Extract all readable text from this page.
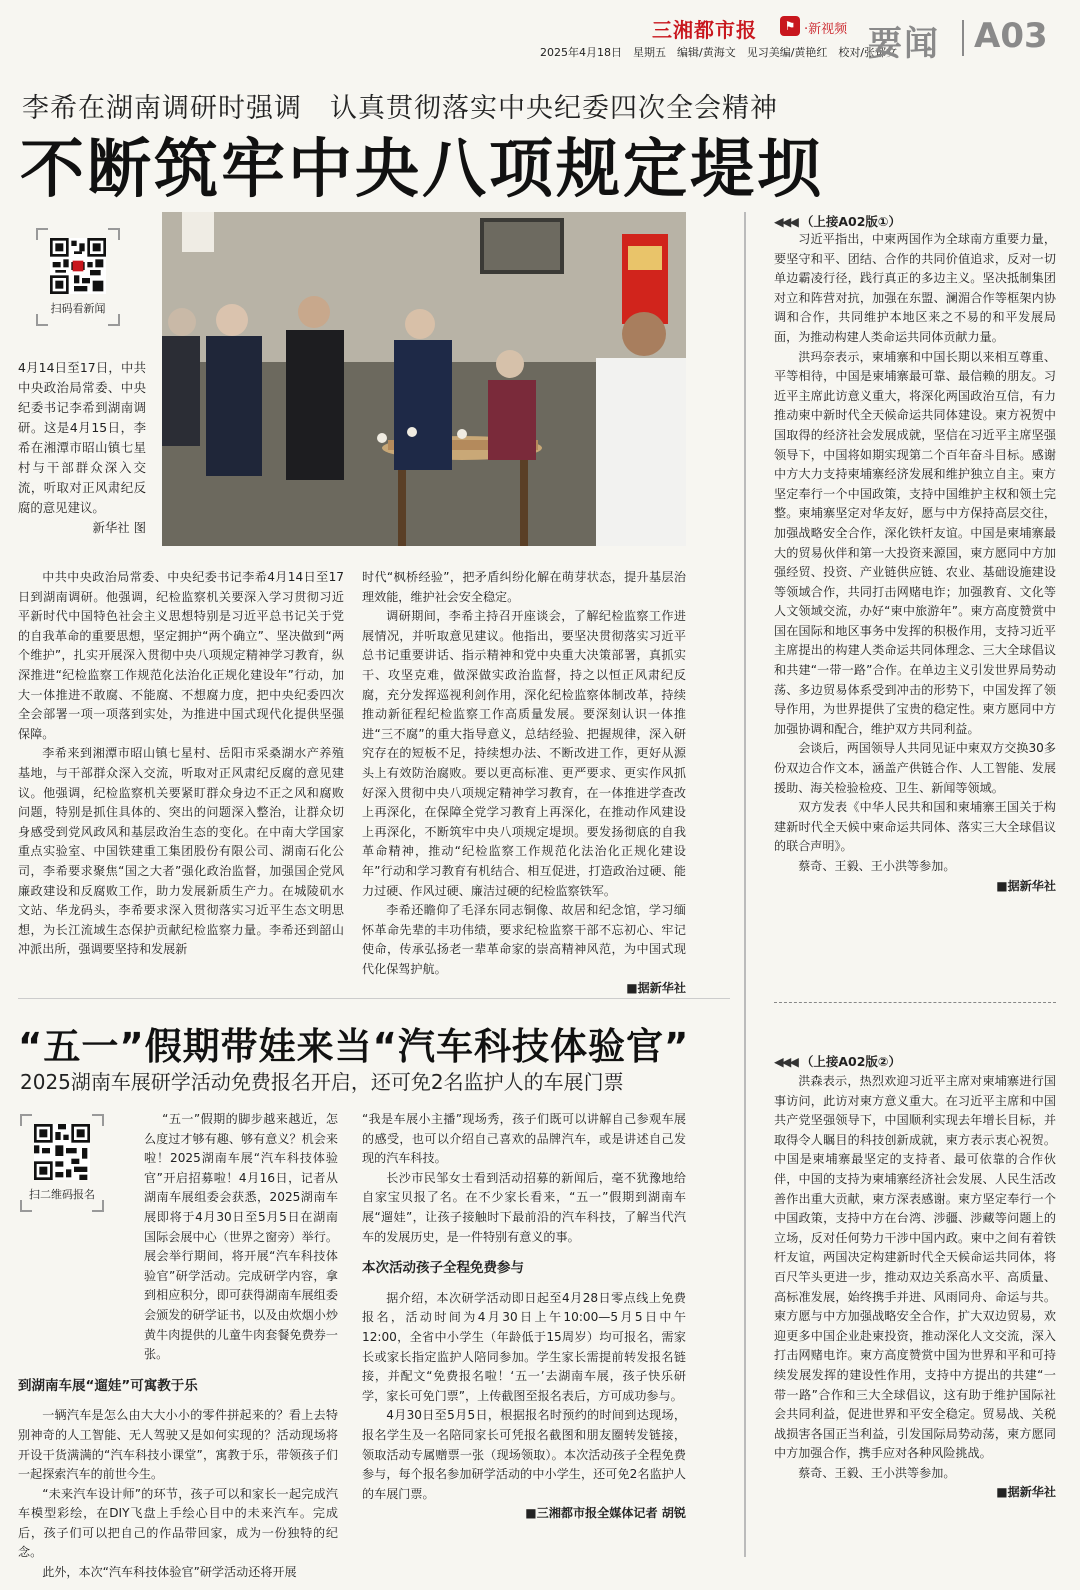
三湘都市报	⚑ ·新视频
2025年4月18日　星期五　编辑/黄海文　见习美编/黄艳红　校对/张郁文
要闻 A03
李希在湖南调研时强调　认真贯彻落实中央纪委四次全会精神
不断筑牢中央八项规定堤坝
扫码看新闻
4月14日至17日，中共中央政治局常委、中央纪委书记李希到湖南调研。这是4月15日，李希在湘潭市昭山镇七星村与干部群众深入交流，听取对正风肃纪反腐的意见建议。
新华社 图

中共中央政治局常委、中央纪委书记李希4月14日至17日到湖南调研。他强调，纪检监察机关要深入学习贯彻习近平新时代中国特色社会主义思想特别是习近平总书记关于党的自我革命的重要思想，坚定拥护“两个确立”、坚决做到“两个维护”，扎实开展深入贯彻中央八项规定精神学习教育，纵深推进“纪检监察工作规范化法治化正规化建设年”行动，加大一体推进不敢腐、不能腐、不想腐力度，把中央纪委四次全会部署一项一项落到实处，为推进中国式现代化提供坚强保障。

李希来到湘潭市昭山镇七星村、岳阳市采桑湖水产养殖基地，与干部群众深入交流，听取对正风肃纪反腐的意见建议。他强调，纪检监察机关要紧盯群众身边不正之风和腐败问题，特别是抓住具体的、突出的问题深入整治，让群众切身感受到党风政风和基层政治生态的变化。在中南大学国家重点实验室、中国铁建重工集团股份有限公司、湖南石化公司，李希要求聚焦“国之大者”强化政治监督，加强国企党风廉政建设和反腐败工作，助力发展新质生产力。在城陵矶水文站、华龙码头，李希要求深入贯彻落实习近平生态文明思想，为长江流域生态保护贡献纪检监察力量。李希还到韶山冲派出所，强调要坚持和发展新

时代“枫桥经验”，把矛盾纠纷化解在萌芽状态，提升基层治理效能，维护社会安全稳定。

调研期间，李希主持召开座谈会，了解纪检监察工作进展情况，并听取意见建议。他指出，要坚决贯彻落实习近平总书记重要讲话、指示精神和党中央重大决策部署，真抓实干、攻坚克难，做深做实政治监督，持之以恒正风肃纪反腐，充分发挥巡视利剑作用，深化纪检监察体制改革，持续推动新征程纪检监察工作高质量发展。要深刻认识一体推进“三不腐”的重大指导意义，总结经验、把握规律，深入研究存在的短板不足，持续想办法、不断改进工作，更好从源头上有效防治腐败。要以更高标准、更严要求、更实作风抓好深入贯彻中央八项规定精神学习教育，在一体推进学查改上再深化，在保障全党学习教育上再深化，在推动作风建设上再深化，不断筑牢中央八项规定堤坝。要发扬彻底的自我革命精神，推动“纪检监察工作规范化法治化正规化建设年”行动和学习教育有机结合、相互促进，打造政治过硬、能力过硬、作风过硬、廉洁过硬的纪检监察铁军。

李希还瞻仰了毛泽东同志铜像、故居和纪念馆，学习缅怀革命先辈的丰功伟绩，要求纪检监察干部不忘初心、牢记使命，传承弘扬老一辈革命家的崇高精神风范，为中国式现代化保驾护航。

■据新华社

◀◀◀ （上接A02版①）

习近平指出，中柬两国作为全球南方重要力量，要坚守和平、团结、合作的共同价值追求，反对一切单边霸凌行径，践行真正的多边主义。坚决抵制集团对立和阵营对抗，加强在东盟、澜湄合作等框架内协调和合作，共同维护本地区来之不易的和平发展局面，为推动构建人类命运共同体贡献力量。

洪玛奈表示，柬埔寨和中国长期以来相互尊重、平等相待，中国是柬埔寨最可靠、最信赖的朋友。习近平主席此访意义重大，将深化两国政治互信，有力推动柬中新时代全天候命运共同体建设。柬方祝贺中国取得的经济社会发展成就，坚信在习近平主席坚强领导下，中国将如期实现第二个百年奋斗目标。感谢中方大力支持柬埔寨经济发展和维护独立自主。柬方坚定奉行一个中国政策，支持中国维护主权和领土完整。柬埔寨坚定对华友好，愿与中方保持高层交往，加强战略安全合作，深化铁杆友谊。中国是柬埔寨最大的贸易伙伴和第一大投资来源国，柬方愿同中方加强经贸、投资、产业链供应链、农业、基础设施建设等领域合作，共同打击网赌电诈；加强教育、文化等人文领域交流，办好“柬中旅游年”。柬方高度赞赏中国在国际和地区事务中发挥的积极作用，支持习近平主席提出的构建人类命运共同体理念、三大全球倡议和共建“一带一路”合作。在单边主义引发世界局势动荡、多边贸易体系受到冲击的形势下，中国发挥了领导作用，为世界提供了宝贵的稳定性。柬方愿同中方加强协调和配合，维护双方共同利益。

会谈后，两国领导人共同见证中柬双方交换30多份双边合作文本，涵盖产供链合作、人工智能、发展援助、海关检验检疫、卫生、新闻等领域。

双方发表《中华人民共和国和柬埔寨王国关于构建新时代全天候中柬命运共同体、落实三大全球倡议的联合声明》。

蔡奇、王毅、王小洪等参加。

■据新华社

◀◀◀ （上接A02版②）

洪森表示，热烈欢迎习近平主席对柬埔寨进行国事访问，此访对柬方意义重大。在习近平主席和中国共产党坚强领导下，中国顺利实现去年增长目标，并取得令人瞩目的科技创新成就，柬方表示衷心祝贺。中国是柬埔寨最坚定的支持者、最可依靠的合作伙伴，中国的支持为柬埔寨经济社会发展、人民生活改善作出重大贡献，柬方深表感谢。柬方坚定奉行一个中国政策，支持中方在台湾、涉疆、涉藏等问题上的立场，反对任何势力干涉中国内政。柬中之间有着铁杆友谊，两国决定构建新时代全天候命运共同体，将百尺竿头更进一步，推动双边关系高水平、高质量、高标准发展，始终携手并进、风雨同舟、命运与共。柬方愿与中方加强战略安全合作，扩大双边贸易，欢迎更多中国企业赴柬投资，推动深化人文交流，深入打击网赌电诈。柬方高度赞赏中国为世界和平和可持续发展发挥的建设性作用，支持中方提出的共建“一带一路”合作和三大全球倡议，这有助于维护国际社会共同利益，促进世界和平安全稳定。贸易战、关税战损害各国正当利益，引发国际局势动荡，柬方愿同中方加强合作，携手应对各种风险挑战。

蔡奇、王毅、王小洪等参加。

■据新华社

“五一”假期带娃来当“汽车科技体验官”
2025湖南车展研学活动免费报名开启，还可免2名监护人的车展门票
扫二维码报名

“五一”假期的脚步越来越近，怎么度过才够有趣、够有意义？机会来啦！2025湖南车展“汽车科技体验官”开启招募啦！4月16日，记者从湖南车展组委会获悉，2025湖南车展即将于4月30日至5月5日在湖南国际会展中心（世界之窗旁）举行。展会举行期间，将开展“汽车科技体验官”研学活动。完成研学内容，拿到相应积分，即可获得湖南车展组委会颁发的研学证书，以及由炊烟小炒黄牛肉提供的儿童牛肉套餐免费券一张。

到湖南车展“遛娃”可寓教于乐

一辆汽车是怎么由大大小小的零件拼起来的？看上去特别神奇的人工智能、无人驾驶又是如何实现的？活动现场将开设干货满满的“汽车科技小课堂”，寓教于乐，带领孩子们一起探索汽车的前世今生。

“未来汽车设计师”的环节，孩子可以和家长一起完成汽车模型彩绘，在DIY飞盘上手绘心目中的未来汽车。完成后，孩子们可以把自己的作品带回家，成为一份独特的纪念。

此外，本次“汽车科技体验官”研学活动还将开展

“我是车展小主播”现场秀，孩子们既可以讲解自己参观车展的感受，也可以介绍自己喜欢的品牌汽车，或是讲述自己发现的汽车科技。

长沙市民邹女士看到活动招募的新闻后，毫不犹豫地给自家宝贝报了名。在不少家长看来，“五一”假期到湖南车展“遛娃”，让孩子接触时下最前沿的汽车科技，了解当代汽车的发展历史，是一件特别有意义的事。

本次活动孩子全程免费参与

据介绍，本次研学活动即日起至4月28日零点线上免费报名，活动时间为4月30日上午10:00—5月5日中午12:00，全省中小学生（年龄低于15周岁）均可报名，需家长或家长指定监护人陪同参加。学生家长需提前转发报名链接，并配文“免费报名啦！‘五一’去湖南车展，孩子快乐研学，家长可免门票”，上传截图至报名表后，方可成功参与。

4月30日至5月5日，根据报名时预约的时间到达现场，报名学生及一名陪同家长可凭报名截图和朋友圈转发链接，领取活动专属赠票一张（现场领取）。本次活动孩子全程免费参与，每个报名参加研学活动的中小学生，还可免2名监护人的车展门票。

■三湘都市报全媒体记者 胡锐
